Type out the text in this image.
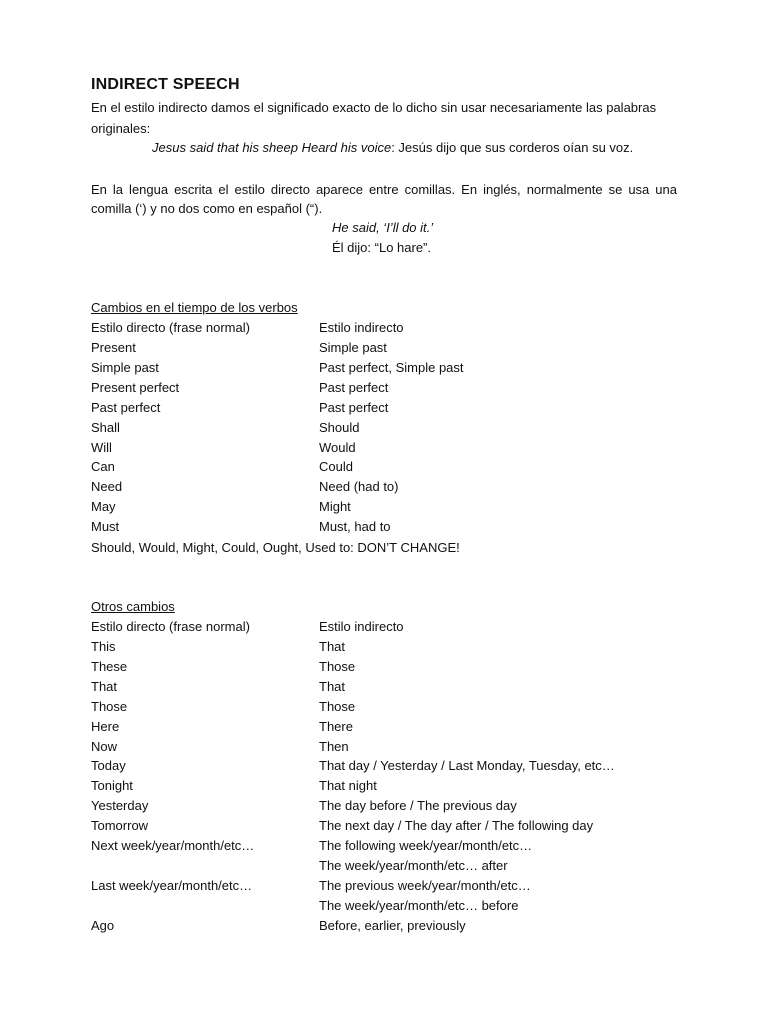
INDIRECT SPEECH
En el estilo indirecto damos el significado exacto de lo dicho sin usar necesariamente las palabras
originales:
Jesus said that his sheep Heard his voice: Jesús dijo que sus corderos oían su voz.
En la lengua escrita el estilo directo aparece entre comillas. En inglés, normalmente se usa una
comilla (‘) y no dos como en español (“).
He said, ‘I’ll do it.’
Él dijo: “Lo hare”.
Cambios en el tiempo de los verbos
Estilo directo (frase normal)	Estilo indirecto
Present	Simple past
Simple past	Past perfect, Simple past
Present perfect	Past perfect
Past perfect	Past perfect
Shall	Should
Will	Would
Can	Could
Need	Need (had to)
May	Might
Must	Must, had to
Should, Would, Might, Could, Ought, Used to: DON’T CHANGE!
Otros cambios
Estilo directo (frase normal)	Estilo indirecto
This	That
These	Those
That	That
Those	Those
Here	There
Now	Then
Today	That day / Yesterday / Last Monday, Tuesday, etc…
Tonight	That night
Yesterday	The day before / The previous day
Tomorrow	The next day / The day after / The following day
Next week/year/month/etc…	The following week/year/month/etc…
The week/year/month/etc… after
Last week/year/month/etc…	The previous week/year/month/etc…
The week/year/month/etc… before
Ago	Before, earlier, previously
